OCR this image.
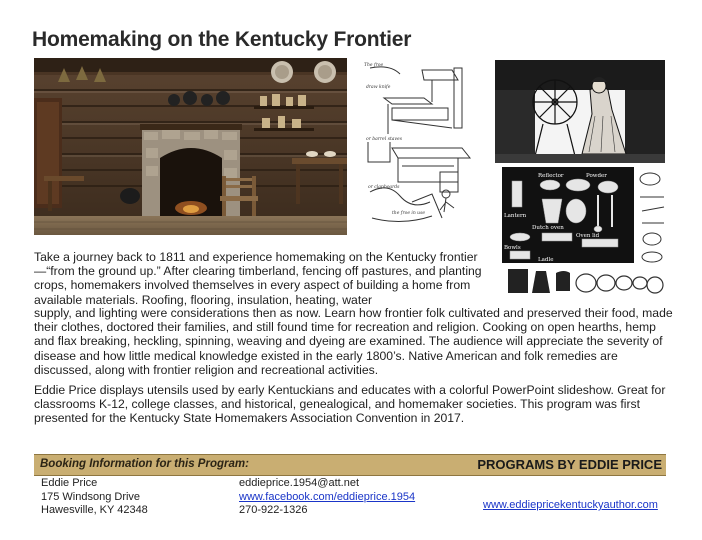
Homemaking on the Kentucky Frontier
The froe
draw knife
or barrel staves
or clapboards
the froe in use
Reflector	Powder
Lantern
Dutch oven
Bowls
Oven lid
Ladle
Take a journey back to 1811 and experience homemaking on the Kentucky frontier—“from the ground up.” After clearing timberland, fencing off pastures, and planting crops, homemakers involved themselves in every aspect of building a home from available materials. Roofing, flooring, insulation, heating, water
supply, and lighting were considerations then as now. Learn how frontier folk cultivated and preserved their food, made their clothes, doctored their families, and still found time for recreation and religion. Cooking on open hearths, hemp and flax breaking, heckling, spinning, weaving and dyeing are examined. The audience will appreciate the severity of disease and how little medical knowledge existed in the early 1800’s. Native American and folk remedies are discussed, along with frontier religion and recreational activities.
Eddie Price displays utensils used by early Kentuckians and educates with a colorful PowerPoint slideshow. Great for classrooms K-12, college classes, and historical, genealogical, and homemaker societies. This program was first presented for the Kentucky State Homemakers Association Convention in 2017.
Booking Information for this Program:	PROGRAMS BY EDDIE PRICE
Eddie Price
175 Windsong Drive
Hawesville, KY 42348
eddieprice.1954@att.net
www.facebook.com/eddieprice.1954
270-922-1326	www.eddiepricekentuckyauthor.com
